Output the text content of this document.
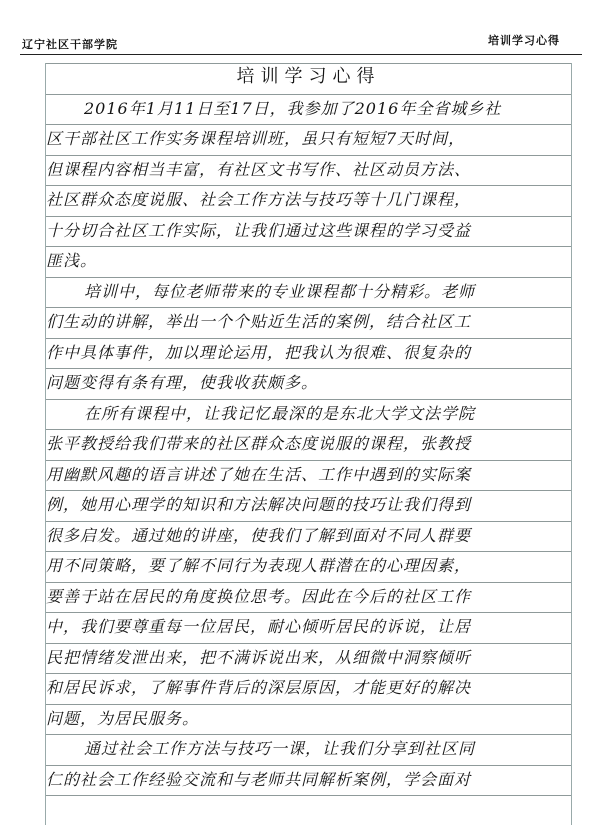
辽宁社区干部学院	培训学习心得
培训学习心得
2016年1月11日至17日，我参加了2016年全省城乡社
区干部社区工作实务课程培训班，虽只有短短7天时间，
但课程内容相当丰富，有社区文书写作、社区动员方法、
社区群众态度说服、社会工作方法与技巧等十几门课程，
十分切合社区工作实际，让我们通过这些课程的学习受益
匪浅。
培训中，每位老师带来的专业课程都十分精彩。老师
们生动的讲解，举出一个个贴近生活的案例，结合社区工
作中具体事件，加以理论运用，把我认为很难、很复杂的
问题变得有条有理，使我收获颇多。
在所有课程中，让我记忆最深的是东北大学文法学院
张平教授给我们带来的社区群众态度说服的课程，张教授
用幽默风趣的语言讲述了她在生活、工作中遇到的实际案
例，她用心理学的知识和方法解决问题的技巧让我们得到
很多启发。通过她的讲座，使我们了解到面对不同人群要
用不同策略，要了解不同行为表现人群潜在的心理因素，
要善于站在居民的角度换位思考。因此在今后的社区工作
中，我们要尊重每一位居民，耐心倾听居民的诉说，让居
民把情绪发泄出来，把不满诉说出来，从细微中洞察倾听
和居民诉求，了解事件背后的深层原因，才能更好的解决
问题，为居民服务。
通过社会工作方法与技巧一课，让我们分享到社区同
仁的社会工作经验交流和与老师共同解析案例，学会面对
